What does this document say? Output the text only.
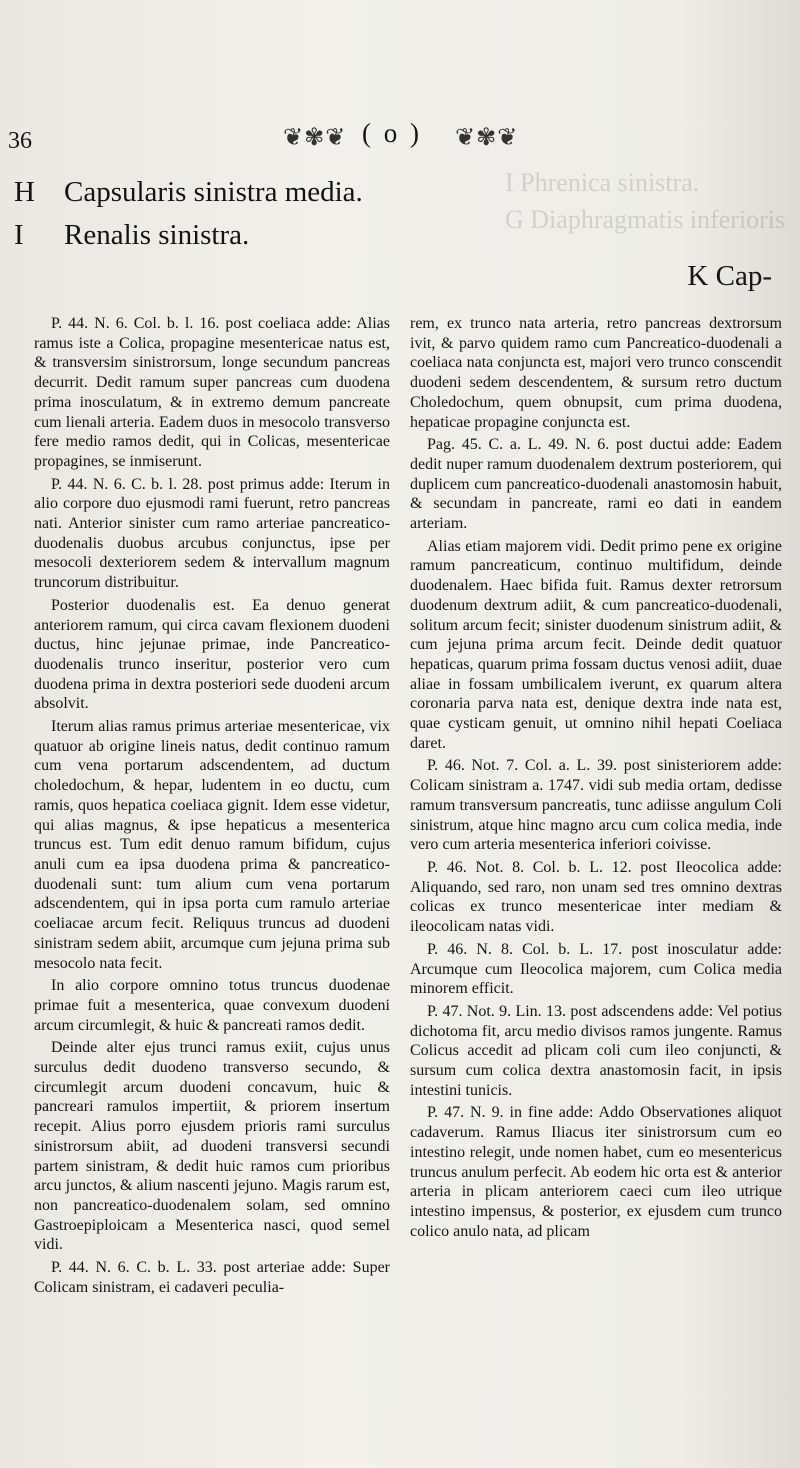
I Phrenica sinistra.
G Diaphragmatis inferioris
36	❦✾❦ ( o ) ❦✾❦
H Capsularis sinistra media.
I Renalis sinistra.
K Cap-

P. 44. N. 6. Col. b. l. 16. post coeliaca adde: Alias ramus iste a Colica, propagine mesentericae natus est, & transversim sinistrorsum, longe secundum pancreas decurrit. Dedit ramum super pancreas cum duodena prima inosculatum, & in extremo demum pancreate cum lienali arteria. Eadem duos in mesocolo transverso fere medio ramos dedit, qui in Colicas, mesentericae propagines, se inmiserunt.

P. 44. N. 6. C. b. l. 28. post primus adde: Iterum in alio corpore duo ejusmodi rami fuerunt, retro pancreas nati. Anterior sinister cum ramo arteriae pancreatico-duodenalis duobus arcubus conjunctus, ipse per mesocoli dexteriorem sedem & intervallum magnum truncorum distribuitur.

Posterior duodenalis est. Ea denuo generat anteriorem ramum, qui circa cavam flexionem duodeni ductus, hinc jejunae primae, inde Pancreatico-duodenalis trunco inseritur, posterior vero cum duodena prima in dextra posteriori sede duodeni arcum absolvit.

Iterum alias ramus primus arteriae mesentericae, vix quatuor ab origine lineis natus, dedit continuo ramum cum vena portarum adscendentem, ad ductum choledochum, & hepar, ludentem in eo ductu, cum ramis, quos hepatica coeliaca gignit. Idem esse videtur, qui alias magnus, & ipse hepaticus a mesenterica truncus est. Tum edit denuo ramum bifidum, cujus anuli cum ea ipsa duodena prima & pancreatico-duodenali sunt: tum alium cum vena portarum adscendentem, qui in ipsa porta cum ramulo arteriae coeliacae arcum fecit. Reliquus truncus ad duodeni sinistram sedem abiit, arcumque cum jejuna prima sub mesocolo nata fecit.

In alio corpore omnino totus truncus duodenae primae fuit a mesenterica, quae convexum duodeni arcum circumlegit, & huic & pancreati ramos dedit.

Deinde alter ejus trunci ramus exiit, cujus unus surculus dedit duodeno transverso secundo, & circumlegit arcum duodeni concavum, huic & pancreari ramulos impertiit, & priorem insertum recepit. Alius porro ejusdem prioris rami surculus sinistrorsum abiit, ad duodeni transversi secundi partem sinistram, & dedit huic ramos cum prioribus arcu junctos, & alium nascenti jejuno. Magis rarum est, non pancreatico-duodenalem solam, sed omnino Gastroepiploicam a Mesenterica nasci, quod semel vidi.

P. 44. N. 6. C. b. L. 33. post arteriae adde: Super Colicam sinistram, ei cadaveri peculia-

rem, ex trunco nata arteria, retro pancreas dextrorsum ivit, & parvo quidem ramo cum Pancreatico-duodenali a coeliaca nata conjuncta est, majori vero trunco conscendit duodeni sedem descendentem, & sursum retro ductum Choledochum, quem obnupsit, cum prima duodena, hepaticae propagine conjuncta est.

Pag. 45. C. a. L. 49. N. 6. post ductui adde: Eadem dedit nuper ramum duodenalem dextrum posteriorem, qui duplicem cum pancreatico-duodenali anastomosin habuit, & secundam in pancreate, rami eo dati in eandem arteriam.

Alias etiam majorem vidi. Dedit primo pene ex origine ramum pancreaticum, continuo multifidum, deinde duodenalem. Haec bifida fuit. Ramus dexter retrorsum duodenum dextrum adiit, & cum pancreatico-duodenali, solitum arcum fecit; sinister duodenum sinistrum adiit, & cum jejuna prima arcum fecit. Deinde dedit quatuor hepaticas, quarum prima fossam ductus venosi adiit, duae aliae in fossam umbilicalem iverunt, ex quarum altera coronaria parva nata est, denique dextra inde nata est, quae cysticam genuit, ut omnino nihil hepati Coeliaca daret.

P. 46. Not. 7. Col. a. L. 39. post sinisteriorem adde: Colicam sinistram a. 1747. vidi sub media ortam, dedisse ramum transversum pancreatis, tunc adiisse angulum Coli sinistrum, atque hinc magno arcu cum colica media, inde vero cum arteria mesenterica inferiori coivisse.

P. 46. Not. 8. Col. b. L. 12. post Ileocolica adde: Aliquando, sed raro, non unam sed tres omnino dextras colicas ex trunco mesentericae inter mediam & ileocolicam natas vidi.

P. 46. N. 8. Col. b. L. 17. post inosculatur adde: Arcumque cum Ileocolica majorem, cum Colica media minorem efficit.

P. 47. Not. 9. Lin. 13. post adscendens adde: Vel potius dichotoma fit, arcu medio divisos ramos jungente. Ramus Colicus accedit ad plicam coli cum ileo conjuncti, & sursum cum colica dextra anastomosin facit, in ipsis intestini tunicis.

P. 47. N. 9. in fine adde: Addo Observationes aliquot cadaverum. Ramus Iliacus iter sinistrorsum cum eo intestino relegit, unde nomen habet, cum eo mesentericus truncus anulum perfecit. Ab eodem hic orta est & anterior arteria in plicam anteriorem caeci cum ileo utrique intestino impensus, & posterior, ex ejusdem cum trunco colico anulo nata, ad plicam
